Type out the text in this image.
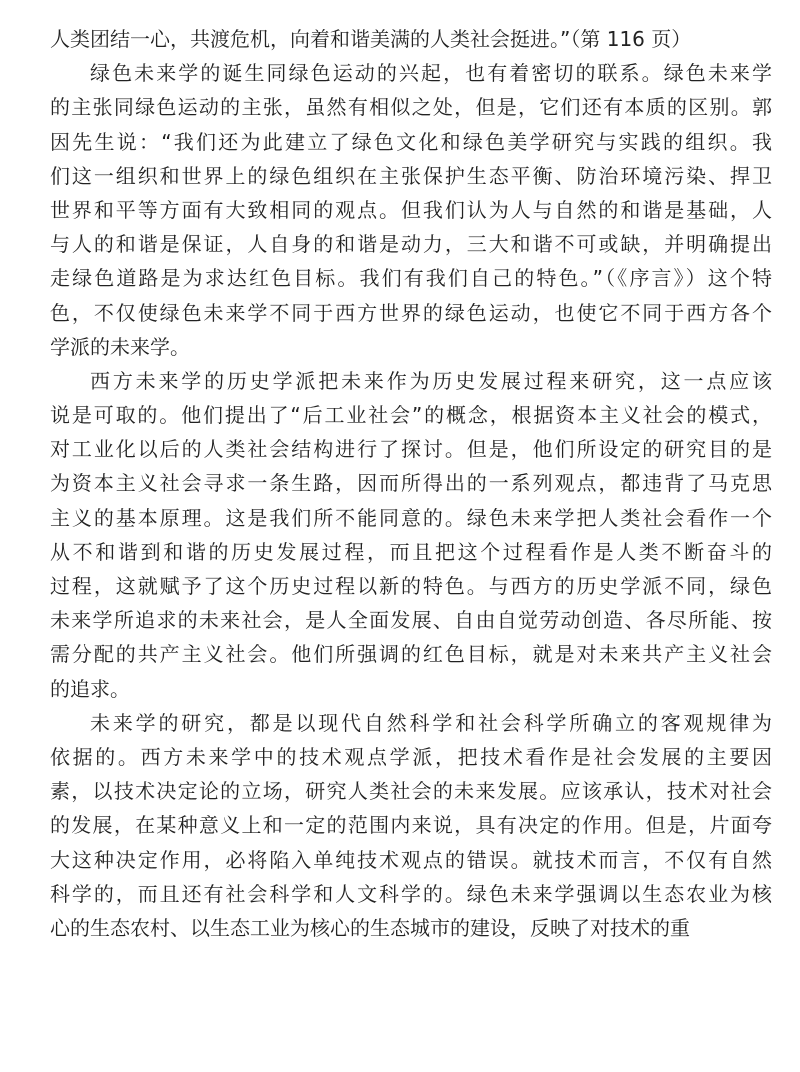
人类团结一心，共渡危机，向着和谐美满的人类社会挺进。”（第 116 页）
绿色未来学的诞生同绿色运动的兴起，也有着密切的联系。绿色未来学
的主张同绿色运动的主张，虽然有相似之处，但是，它们还有本质的区别。郭
因先生说：“我们还为此建立了绿色文化和绿色美学研究与实践的组织。我
们这一组织和世界上的绿色组织在主张保护生态平衡、防治环境污染、捍卫
世界和平等方面有大致相同的观点。但我们认为人与自然的和谐是基础，人
与人的和谐是保证，人自身的和谐是动力，三大和谐不可或缺，并明确提出
走绿色道路是为求达红色目标。我们有我们自己的特色。”（《序言》）这个特
色，不仅使绿色未来学不同于西方世界的绿色运动，也使它不同于西方各个
学派的未来学。
西方未来学的历史学派把未来作为历史发展过程来研究，这一点应该
说是可取的。他们提出了“后工业社会”的概念，根据资本主义社会的模式，
对工业化以后的人类社会结构进行了探讨。但是，他们所设定的研究目的是
为资本主义社会寻求一条生路，因而所得出的一系列观点，都违背了马克思
主义的基本原理。这是我们所不能同意的。绿色未来学把人类社会看作一个
从不和谐到和谐的历史发展过程，而且把这个过程看作是人类不断奋斗的
过程，这就赋予了这个历史过程以新的特色。与西方的历史学派不同，绿色
未来学所追求的未来社会，是人全面发展、自由自觉劳动创造、各尽所能、按
需分配的共产主义社会。他们所强调的红色目标，就是对未来共产主义社会
的追求。
未来学的研究，都是以现代自然科学和社会科学所确立的客观规律为
依据的。西方未来学中的技术观点学派，把技术看作是社会发展的主要因
素，以技术决定论的立场，研究人类社会的未来发展。应该承认，技术对社会
的发展，在某种意义上和一定的范围内来说，具有决定的作用。但是，片面夸
大这种决定作用，必将陷入单纯技术观点的错误。就技术而言，不仅有自然
科学的，而且还有社会科学和人文科学的。绿色未来学强调以生态农业为核
心的生态农村、以生态工业为核心的生态城市的建设，反映了对技术的重
